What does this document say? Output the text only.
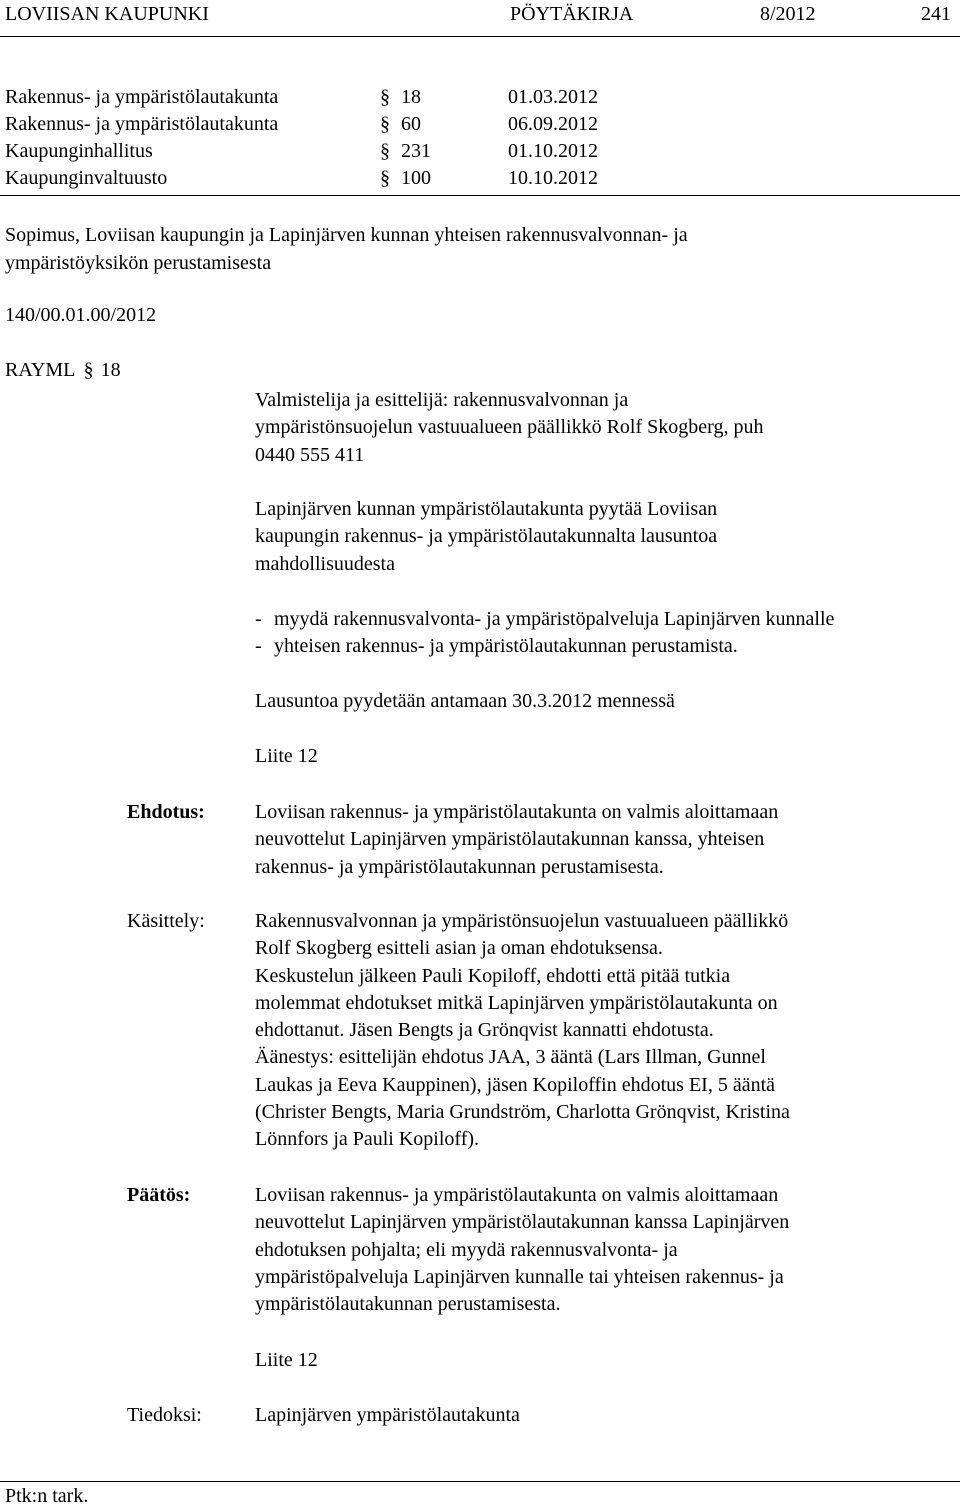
LOVIISAN KAUPUNKI	PÖYTÄKIRJA	8/2012	241
Rakennus- ja ympäristölautakunta	§ 18	01.03.2012
Rakennus- ja ympäristölautakunta	§ 60	06.09.2012
Kaupunginhallitus	§ 231	01.10.2012
Kaupunginvaltuusto	§ 100	10.10.2012
Sopimus, Loviisan kaupungin ja Lapinjärven kunnan yhteisen rakennusvalvonnan- ja
ympäristöyksikön perustamisesta
140/00.01.00/2012
RAYML § 18
Valmistelija ja esittelijä: rakennusvalvonnan ja
ympäristönsuojelun vastuualueen päällikkö Rolf Skogberg, puh
0440 555 411
Lapinjärven kunnan ympäristölautakunta pyytää Loviisan
kaupungin rakennus- ja ympäristölautakunnalta lausuntoa
mahdollisuudesta
- myydä rakennusvalvonta- ja ympäristöpalveluja Lapinjärven kunnalle
- yhteisen rakennus- ja ympäristölautakunnan perustamista.
Lausuntoa pyydetään antamaan 30.3.2012 mennessä
Liite 12
Ehdotus:	Loviisan rakennus- ja ympäristölautakunta on valmis aloittamaan
neuvottelut Lapinjärven ympäristölautakunnan kanssa, yhteisen
rakennus- ja ympäristölautakunnan perustamisesta.
Käsittely:	Rakennusvalvonnan ja ympäristönsuojelun vastuualueen päällikkö
Rolf Skogberg esitteli asian ja oman ehdotuksensa.
Keskustelun jälkeen Pauli Kopiloff, ehdotti että pitää tutkia
molemmat ehdotukset mitkä Lapinjärven ympäristölautakunta on
ehdottanut. Jäsen Bengts ja Grönqvist kannatti ehdotusta.
Äänestys: esittelijän ehdotus JAA, 3 ääntä (Lars Illman, Gunnel
Laukas ja Eeva Kauppinen), jäsen Kopiloffin ehdotus EI, 5 ääntä
(Christer Bengts, Maria Grundström, Charlotta Grönqvist, Kristina
Lönnfors ja Pauli Kopiloff).
Päätös:	Loviisan rakennus- ja ympäristölautakunta on valmis aloittamaan
neuvottelut Lapinjärven ympäristölautakunnan kanssa Lapinjärven
ehdotuksen pohjalta; eli myydä rakennusvalvonta- ja
ympäristöpalveluja Lapinjärven kunnalle tai yhteisen rakennus- ja
ympäristölautakunnan perustamisesta.
Liite 12
Tiedoksi:	Lapinjärven ympäristölautakunta
Ptk:n tark.
